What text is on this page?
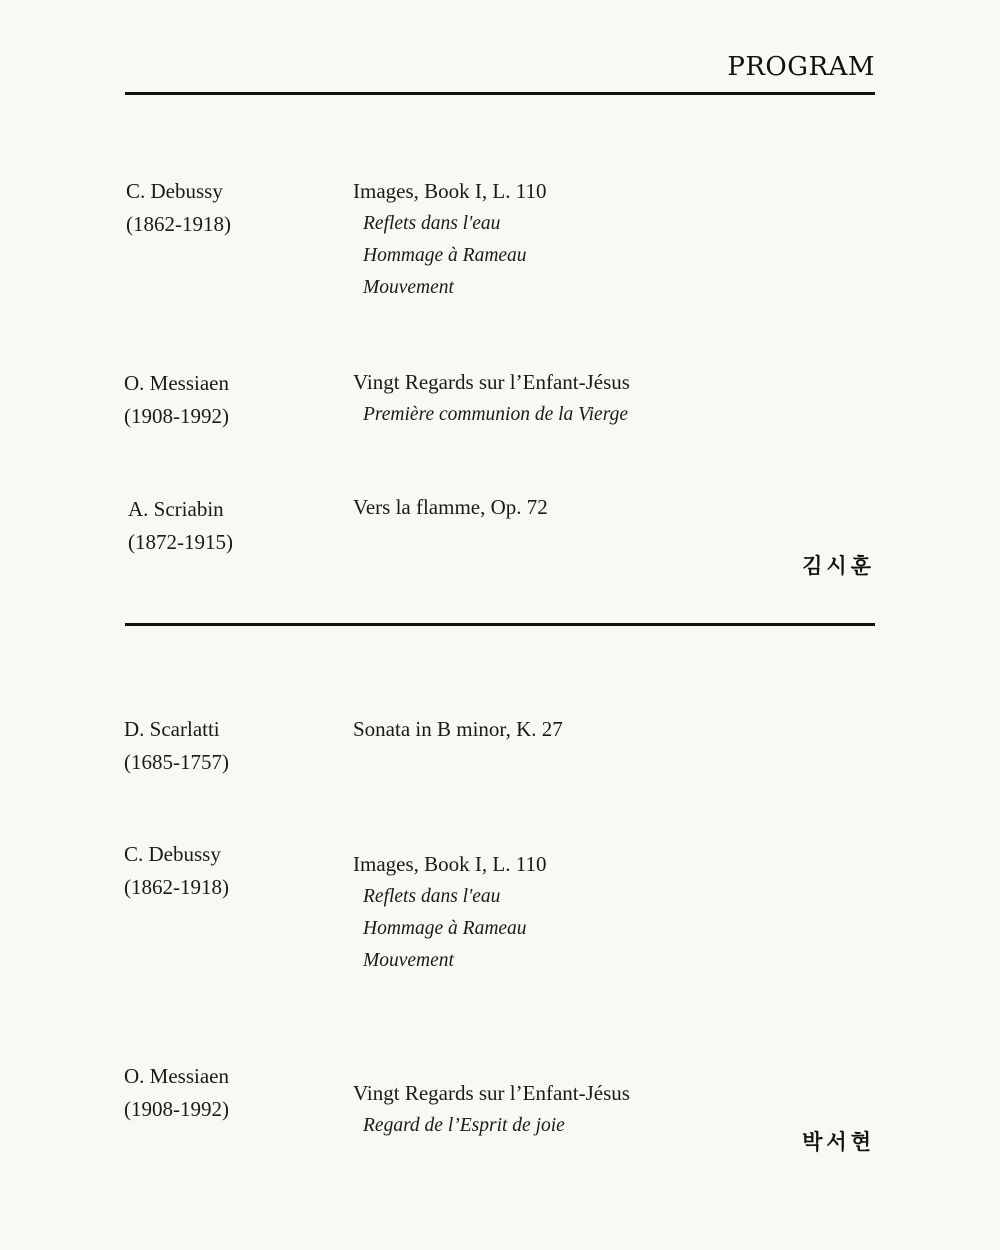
PROGRAM
C. Debussy
(1862-1918)
Images, Book I, L. 110
Reflets dans l'eau
Hommage à Rameau
Mouvement
O. Messiaen
(1908-1992)
Vingt Regards sur l’Enfant-Jésus
Première communion de la Vierge
A. Scriabin
(1872-1915)
Vers la flamme, Op. 72
김시훈
D. Scarlatti
(1685-1757)
Sonata in B minor, K. 27
C. Debussy
(1862-1918)
Images, Book I, L. 110
Reflets dans l'eau
Hommage à Rameau
Mouvement
O. Messiaen
(1908-1992)
Vingt Regards sur l’Enfant-Jésus
Regard de l’Esprit de joie
박서현
